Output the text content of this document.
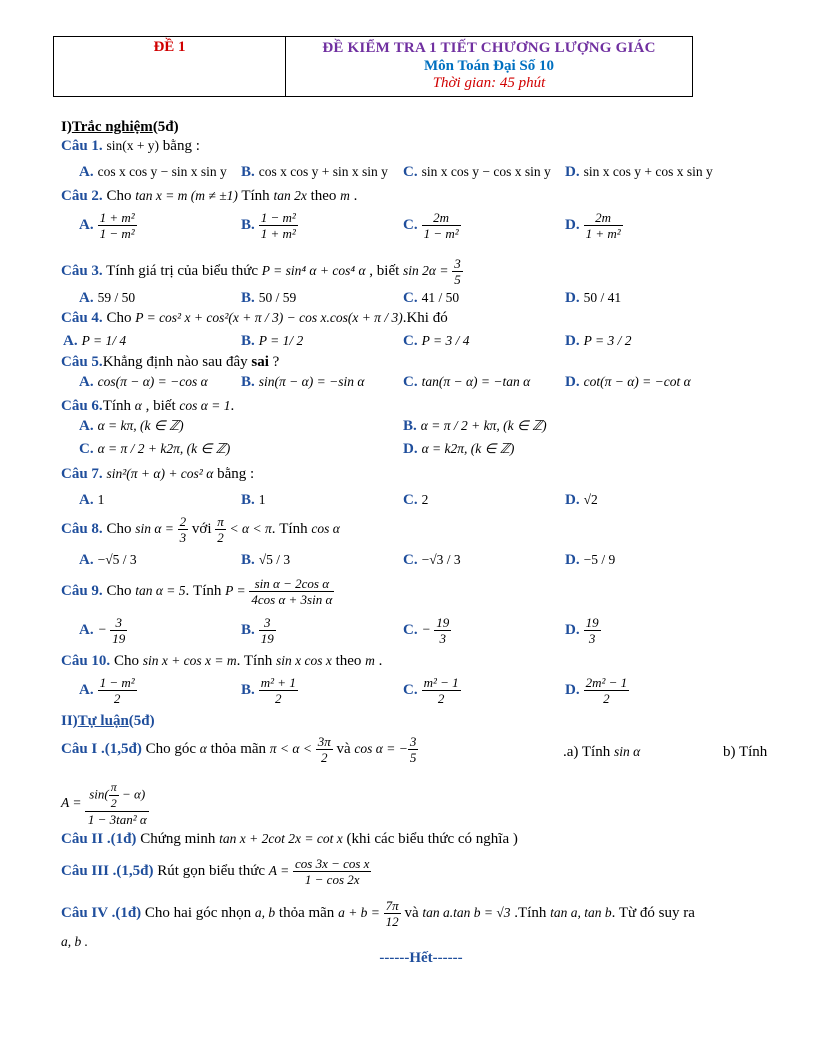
ĐỀ 1	ĐỀ KIỂM TRA 1 TIẾT CHƯƠNG LƯỢNG GIÁC
Môn Toán Đại Số 10
Thời gian: 45 phút
I)Trắc nghiệm(5đ)
Câu 1. sin(x + y) bằng :
A. cos x cos y − sin x sin y B. cos x cos y + sin x sin y C. sin x cos y − cos x sin y D. sin x cos y + cos x sin y
Câu 2. Cho tan x = m (m ≠ ±1) Tính tan 2x theo m .
A. $\frac{\text{1 + m²}}{\text{1 − m²}}$	B. $\frac{\text{1 − m²}}{\text{1 + m²}}$	C. $\frac{2m}{\text{1 − m²}}$	D. $\frac{2m}{\text{1 + m²}}$
Câu 3. Tính giá trị của biểu thức P = sin⁴ α + cos⁴ α , biết $\sin 2\alpha = \frac{3}{5}$
A. 59 / 50	B. 50 / 59	C. 41 / 50	D. 50 / 41
Câu 4. Cho P = cos² x + cos²(x + π / 3) − cos x.cos(x + π / 3).Khi đó
A. P = 1/ 4	B. P = 1/ 2	C. P = 3 / 4	D. P = 3 / 2
Câu 5.Khẳng định nào sau đây sai ?
A. cos(π − α) = −cos α B. sin(π − α) = −sin α	C. tan(π − α) = −tan α D. cot(π − α) = −cot α
Câu 6.Tính α , biết cos α = 1.
A. α = kπ, (k ∈ ℤ)	B. α = π / 2 + kπ, (k ∈ ℤ)
C. α = π / 2 + k2π, (k ∈ ℤ)	D. α = k2π, (k ∈ ℤ)
Câu 7. sin²(π + α) + cos² α bằng :
A. 1	B. 1	C. 2	D. √2
Câu 8. Cho $\sin \alpha = \frac{2}{3}$ với $\frac{\pi}{2} < \alpha < \pi$. Tính cos α
A. −√5 / 3	B. √5 / 3	C. −√3 / 3	D. −5 / 9
Câu 9. Cho tan α = 5. Tính $P = \frac{\text{sin α − 2cos α}}{\text{4cos α + 3sin α}}$
A. − $\frac{3}{19}$	B. $\frac{3}{19}$	C. − $\frac{19}{3}$	D. $\frac{19}{3}$
Câu 10. Cho sin x + cos x = m. Tính sin x cos x theo m .
A. $\frac{\text{1 − m²}}{2}$	B. $\frac{\text{m² + 1}}{2}$	C. $\frac{\text{m² − 1}}{2}$	D. $\frac{\text{2m² − 1}}{2}$
II)Tự luận(5đ)
Câu I .(1,5đ) Cho góc α thỏa mãn $\pi < \alpha < \frac{3\pi}{2}$ và cos α = − $\frac{3}{5}$	.a) Tính sin α	b) Tính
$A = \frac{\sin( \frac{\pi}{2} - \alpha)}{\text{1 − 3tan² α}}$
Câu II .(1đ) Chứng minh tan x + 2cot 2x = cot x (khi các biểu thức có nghĩa )
Câu III .(1,5đ) Rút gọn biểu thức $A = \frac{\text{cos 3x − cos x}}{1 - \cos 2x}$
Câu IV .(1đ) Cho hai góc nhọn a, b thỏa mãn $a + b = \frac{7\pi}{12}$ và tan a.tan b = √3 .Tính tan a, tan b. Từ đó suy ra
a, b .
------Hết------
